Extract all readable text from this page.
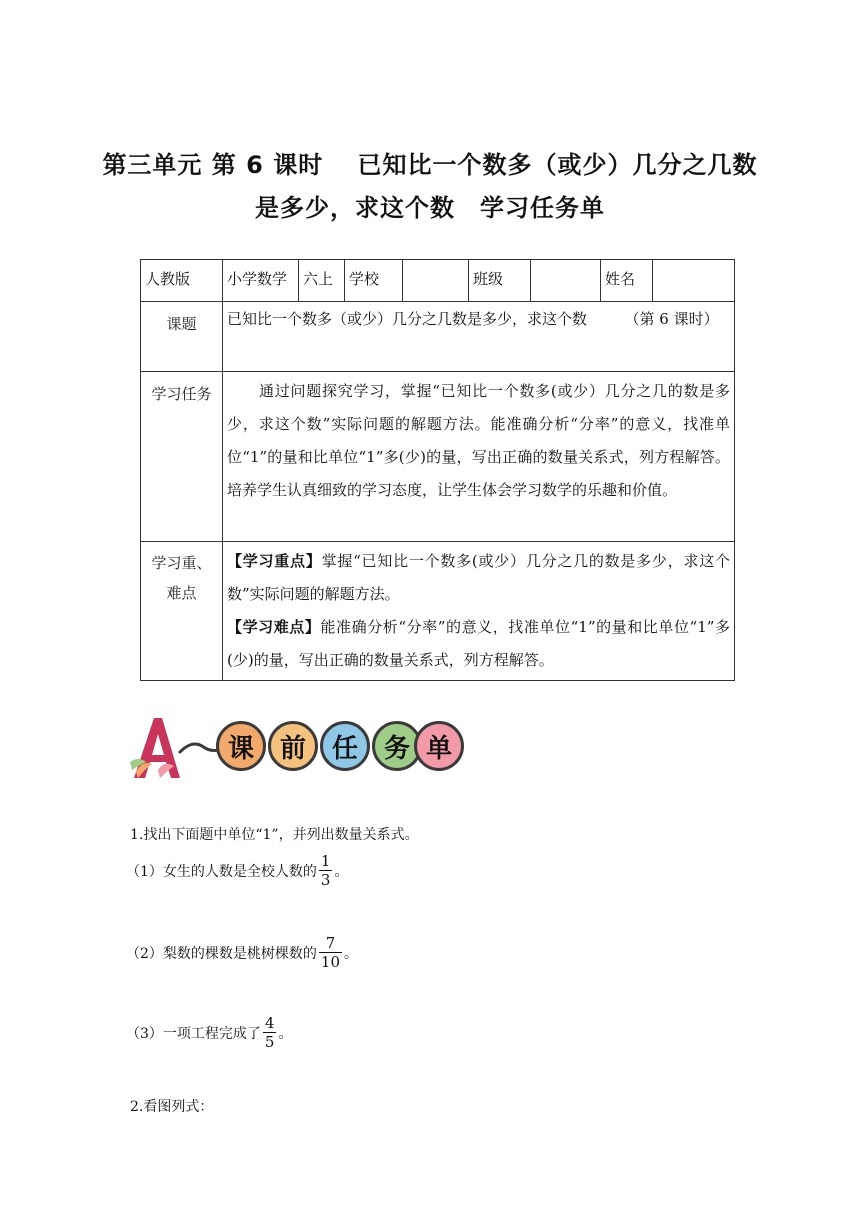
第三单元 第 6 课时　 已知比一个数多（或少）几分之几数
是多少，求这个数　学习任务单
人教版	小学数学	六上	学校		班级		姓名	
课题	已知比一个数多（或少）几分之几数是多少，求这个数　　　（第 6 课时）							
学习任务	通过问题探究学习，掌握“已知比一个数多(或少）几分之几的数是多少，求这个数”实际问题的解题方法。能准确分析“分率”的意义，找准单位“1”的量和比单位“1”多(少)的量，写出正确的数量关系式，列方程解答。培养学生认真细致的学习态度，让学生体会学习数学的乐趣和价值。							
学习重、难点	【学习重点】掌握“已知比一个数多(或少）几分之几的数是多少，求这个数”实际问题的解题方法。
【学习难点】能准确分析“分率”的意义，找准单位“1”的量和比单位“1”多(少)的量，写出正确的数量关系式，列方程解答。							
课 前 任 务 单
1.找出下面题中单位“1”，并列出数量关系式。
（1）女生的人数是全校人数的 $\frac{1}{3}$ 。
（2）梨数的棵数是桃树棵数的 $\frac{7}{10}$ 。
（3）一项工程完成了 $\frac{4}{5}$ 。
2.看图列式：
